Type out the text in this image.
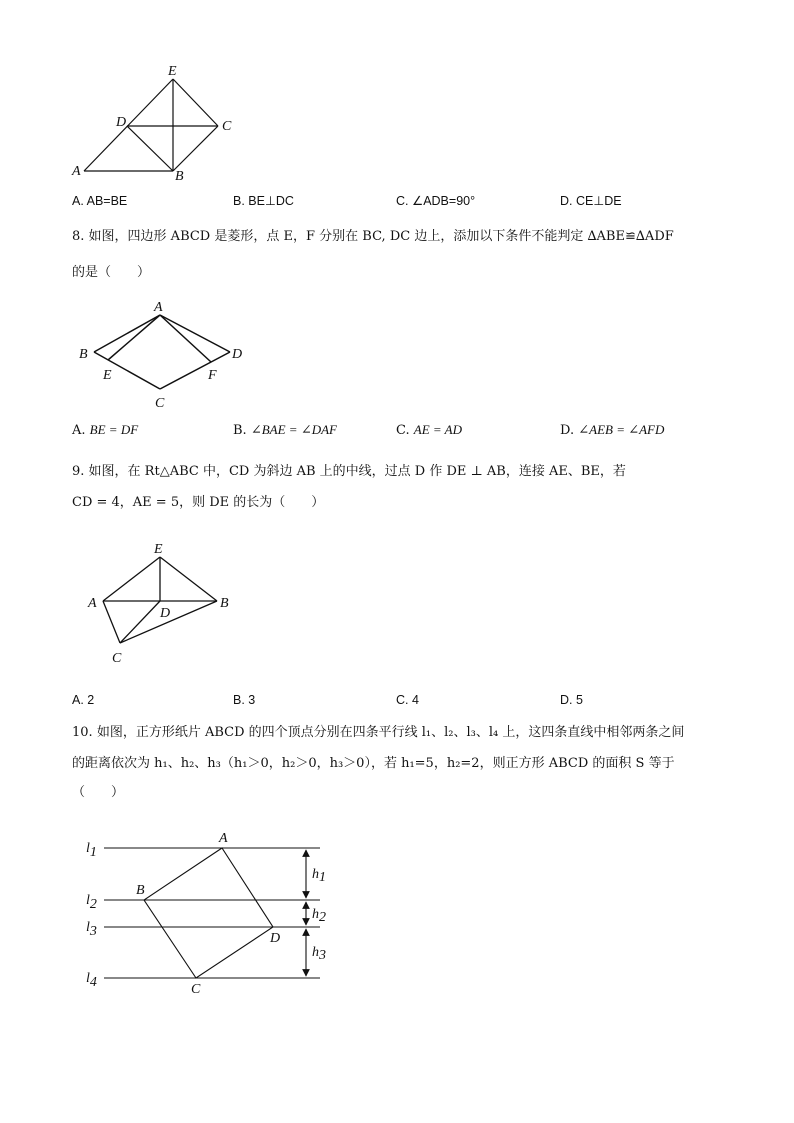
E
D	C
A	B
A. AB=BE	B. BE⊥DC	C. ∠ADB=90°	D. CE⊥DE
8. 如图，四边形 ABCD 是菱形，点 E，F 分别在 BC, DC 边上，添加以下条件不能判定 ∆ABE≌∆ADF
的是（　　）
A
B	D
E	F
C
A. BE = DF	B. ∠BAE = ∠DAF	C. AE = AD	D. ∠AEB = ∠AFD
9. 如图，在 Rt△ABC 中，CD 为斜边 AB 上的中线，过点 D 作 DE ⊥ AB，连接 AE、BE，若
CD = 4，AE = 5，则 DE 的长为（　　）
E
A
D
B
C
A. 2	B. 3	C. 4	D. 5
10. 如图，正方形纸片 ABCD 的四个顶点分别在四条平行线 l₁、l₂、l₃、l₄ 上，这四条直线中相邻两条之间
的距离依次为 h₁、h₂、h₃（h₁＞0，h₂＞0，h₃＞0），若 h₁=5，h₂=2，则正方形 ABCD 的面积 S 等于
（　　）
l1
l2
l3
l4
A
B
D
C
h1
h2
h3
